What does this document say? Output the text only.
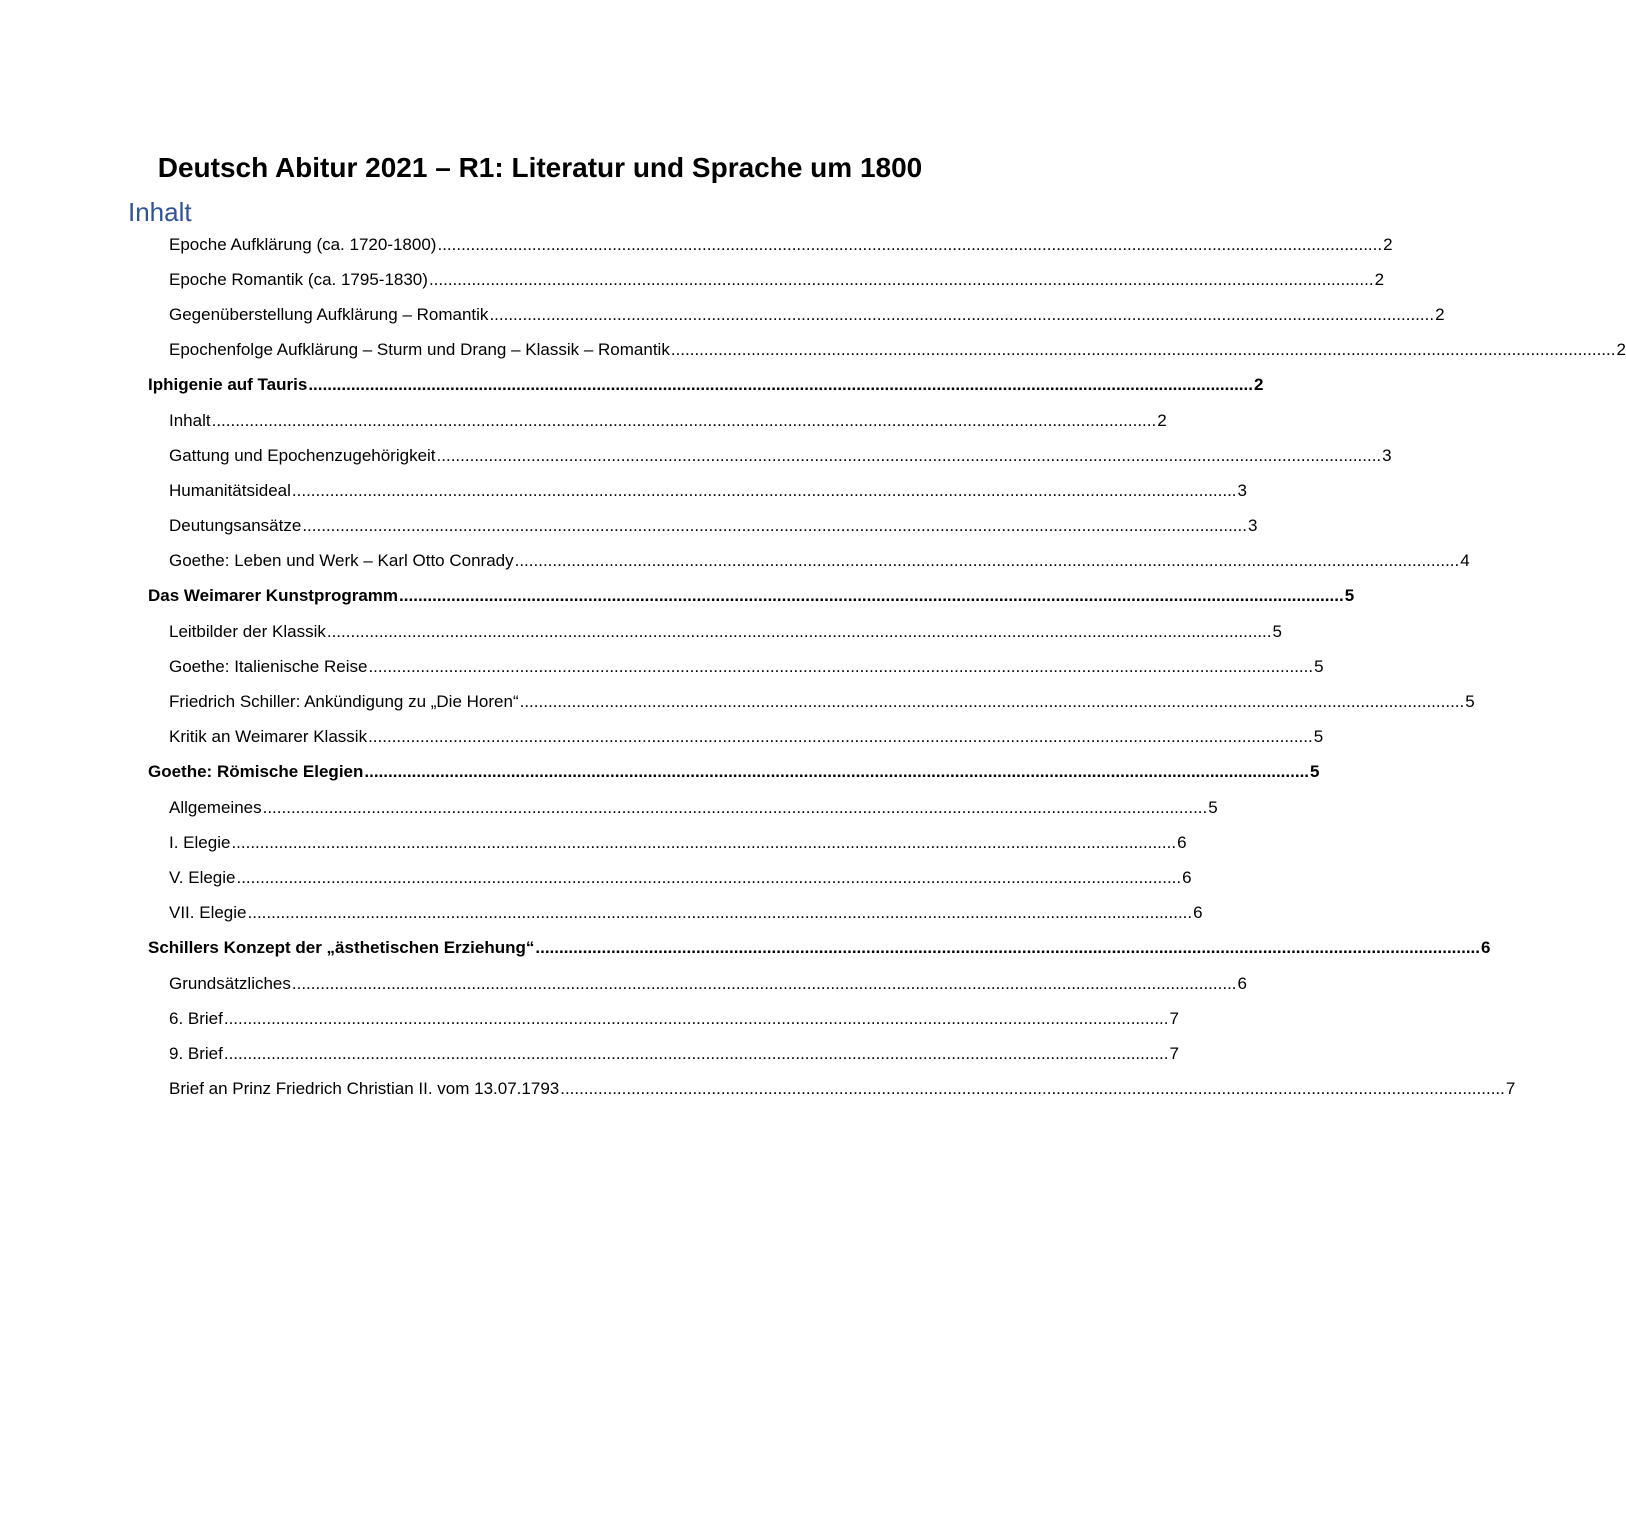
Deutsch Abitur 2021 – R1: Literatur und Sprache um 1800
Inhalt
Epoche Aufklärung (ca. 1720-1800) ........................................................................................................................................................................................................ 2
Epoche Romantik (ca. 1795-1830) ........................................................................................................................................................................................................ 2
Gegenüberstellung Aufklärung – Romantik ........................................................................................................................................................................................................ 2
Epochenfolge Aufklärung – Sturm und Drang – Klassik – Romantik ........................................................................................................................................................................................................ 2
Iphigenie auf Tauris ........................................................................................................................................................................................................ 2
Inhalt ........................................................................................................................................................................................................ 2
Gattung und Epochenzugehörigkeit ........................................................................................................................................................................................................ 3
Humanitätsideal ........................................................................................................................................................................................................ 3
Deutungsansätze ........................................................................................................................................................................................................ 3
Goethe: Leben und Werk – Karl Otto Conrady ........................................................................................................................................................................................................ 4
Das Weimarer Kunstprogramm ........................................................................................................................................................................................................ 5
Leitbilder der Klassik ........................................................................................................................................................................................................ 5
Goethe: Italienische Reise ........................................................................................................................................................................................................ 5
Friedrich Schiller: Ankündigung zu „Die Horen“ ........................................................................................................................................................................................................ 5
Kritik an Weimarer Klassik ........................................................................................................................................................................................................ 5
Goethe: Römische Elegien ........................................................................................................................................................................................................ 5
Allgemeines ........................................................................................................................................................................................................ 5
I. Elegie ........................................................................................................................................................................................................ 6
V. Elegie ........................................................................................................................................................................................................ 6
VII. Elegie ........................................................................................................................................................................................................ 6
Schillers Konzept der „ästhetischen Erziehung“ ........................................................................................................................................................................................................ 6
Grundsätzliches ........................................................................................................................................................................................................ 6
6. Brief ........................................................................................................................................................................................................ 7
9. Brief ........................................................................................................................................................................................................ 7
Brief an Prinz Friedrich Christian II. vom 13.07.1793 ........................................................................................................................................................................................................ 7
